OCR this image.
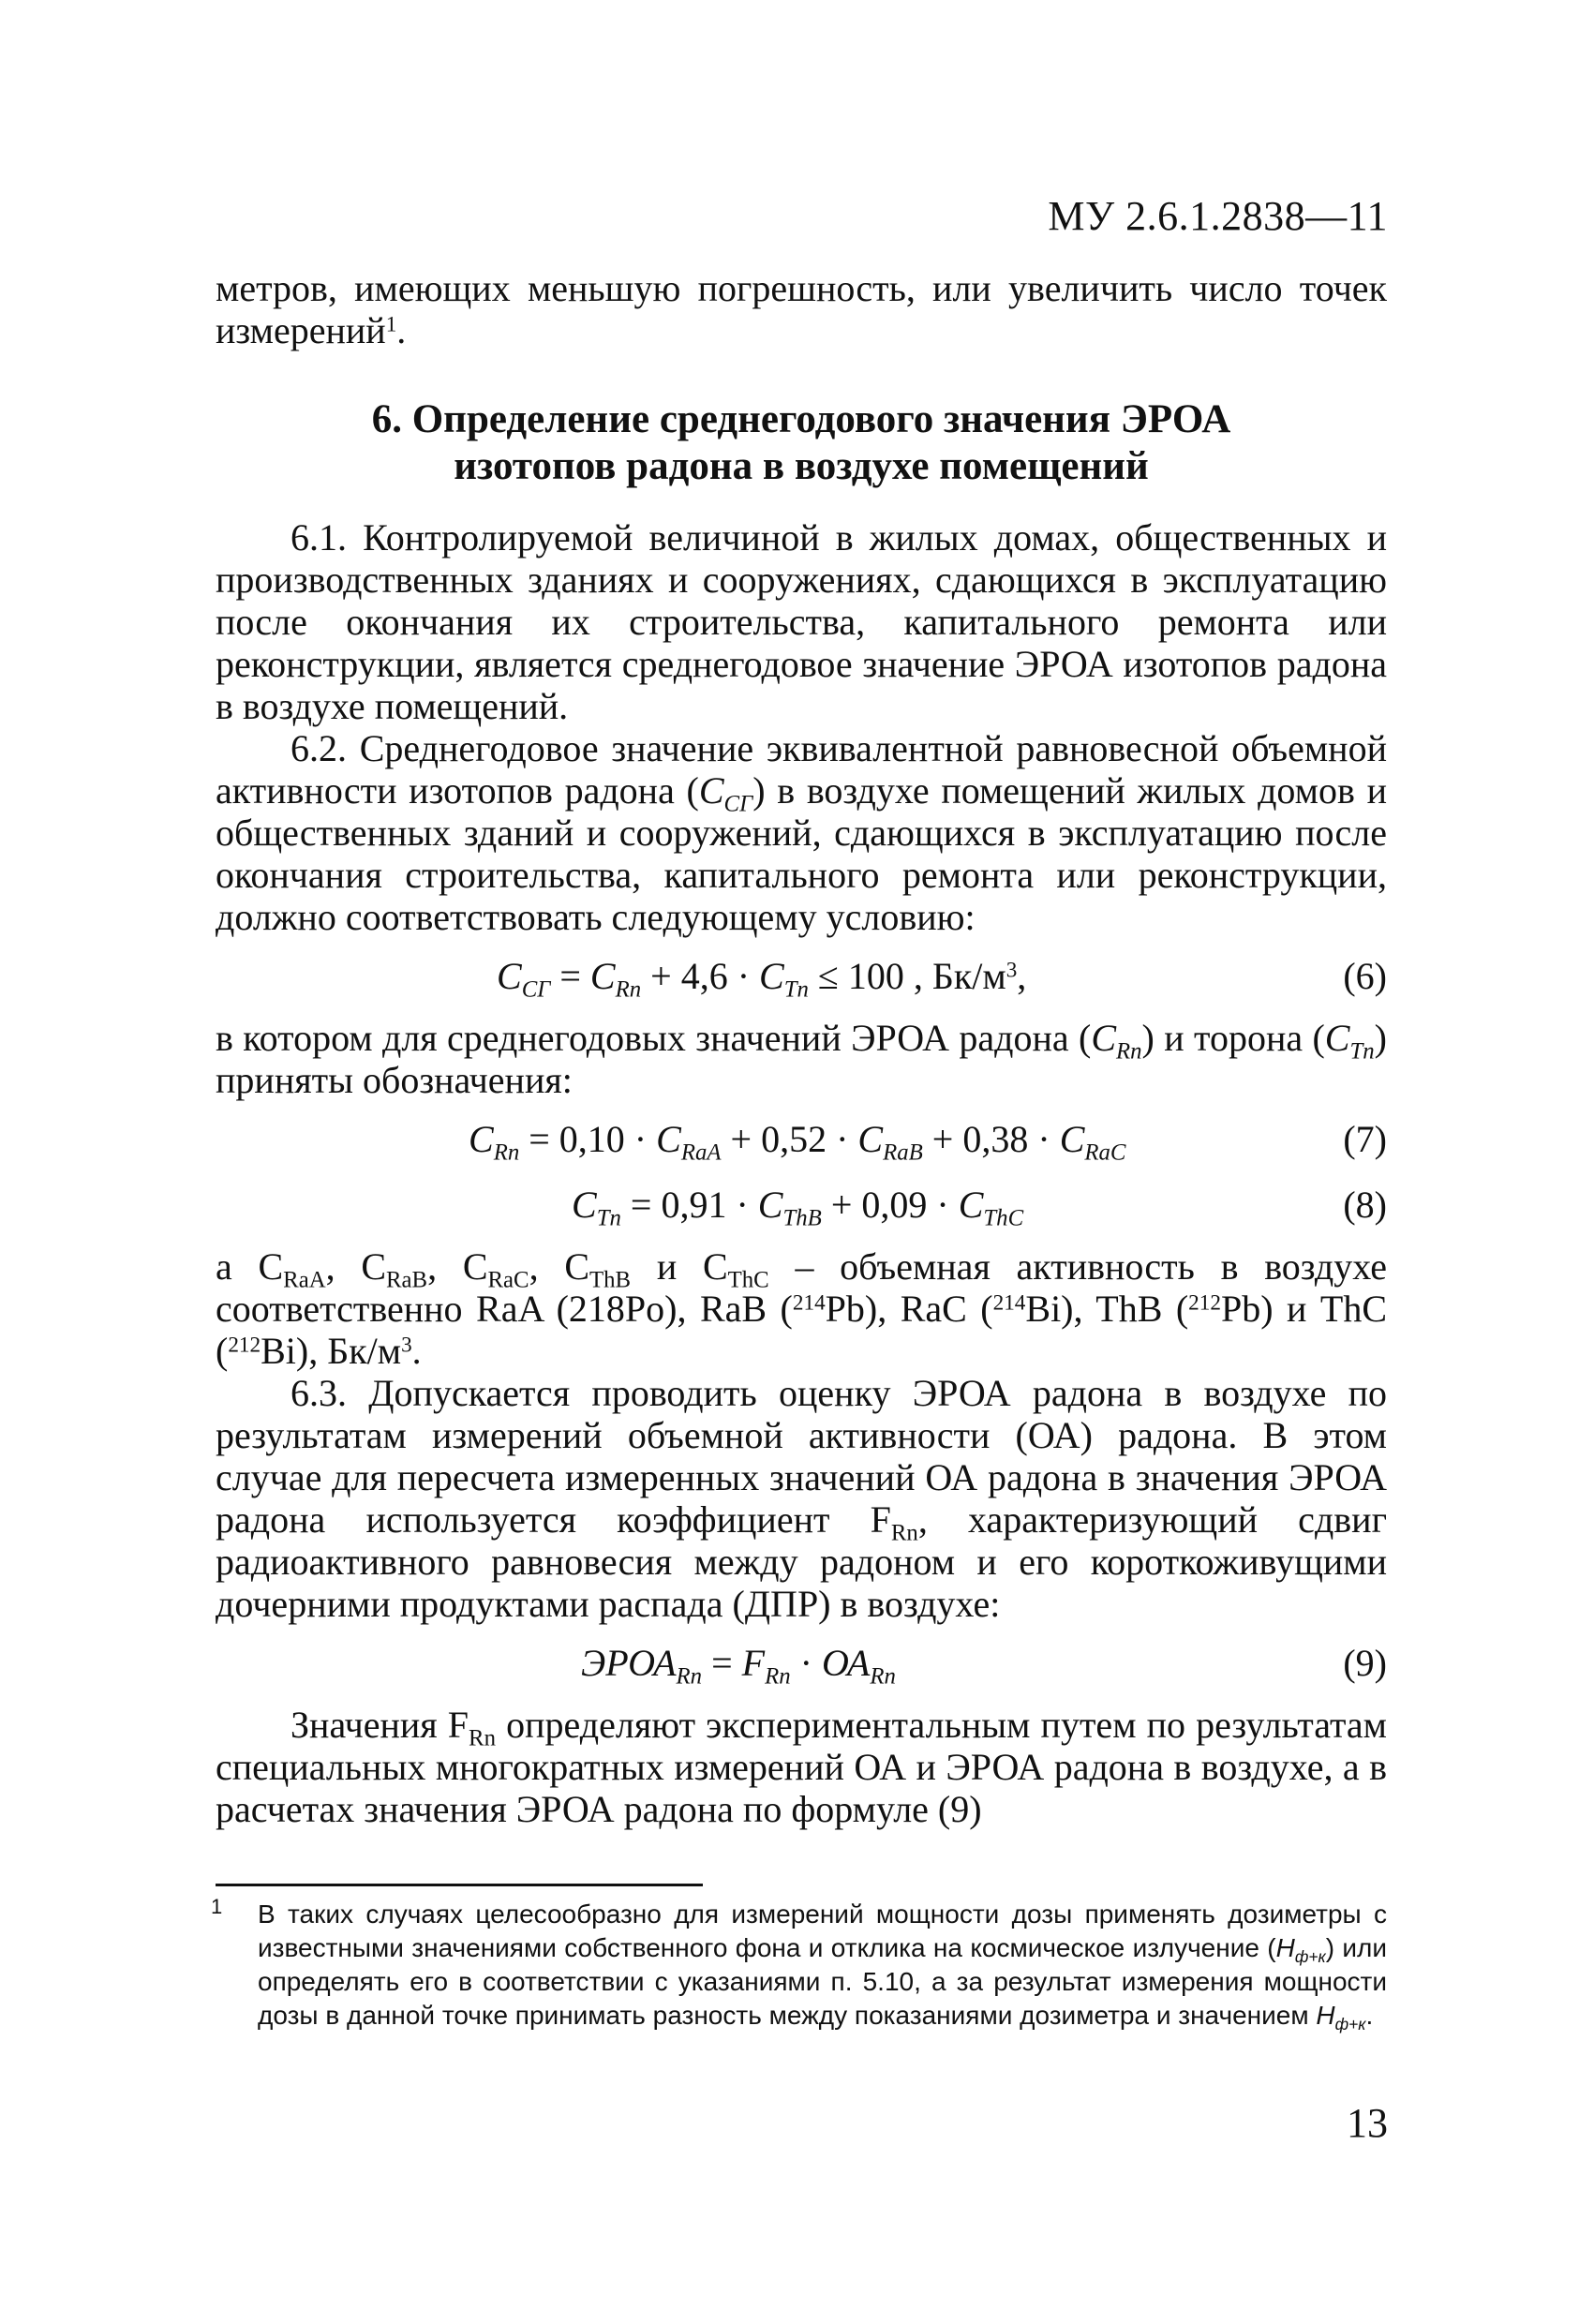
МУ 2.6.1.2838—11

метров, имеющих меньшую погрешность, или увеличить число точек измерений$^1$.

6. Определение среднегодового значения ЭРОА
изотопов радона в воздухе помещений

6.1. Контролируемой величиной в жилых домах, общественных и производственных зданиях и сооружениях, сдающихся в эксплуатацию после окончания их строительства, капитального ремонта или реконструкции, является среднегодовое значение ЭРОА изотопов радона в воздухе помещений.

6.2. Среднегодовое значение эквивалентной равновесной объемной активности изотопов радона $(C_{СГ})$ в воздухе помещений жилых домов и общественных зданий и сооружений, сдающихся в эксплуатацию после окончания строительства, капитального ремонта или реконструкции, должно соответствовать следующему условию:

$C_{СГ} = C_{Rn} + 4,6 \cdot C_{Tn} \le 100$ , $Бк/м^3$,	(6)

в котором для среднегодовых значений ЭРОА радона $(C_{Rn})$ и торона $(C_{Tn})$ приняты обозначения:

$C_{Rn} = 0,10 \cdot C_{RaA} + 0,52 \cdot C_{RaB} + 0,38 \cdot C_{RaC}$	(7)
$C_{Tn} = 0,91 \cdot C_{ThB} + 0,09 \cdot C_{ThC}$	(8)

а $C_{RaA}$, $C_{RaB}$, $C_{RaC}$, $C_{ThB}$ и $C_{ThC}$ – объемная активность в воздухе соответственно RaA (218Po), RaB ($^{214}$Pb), RaC ($^{214}$Bi), ThB ($^{212}$Pb) и ThC ($^{212}$Bi), $Бк/м^3$.

6.3. Допускается проводить оценку ЭРОА радона в воздухе по результатам измерений объемной активности (ОА) радона. В этом случае для пересчета измеренных значений ОА радона в значения ЭРОА радона используется коэффициент $F_{Rn}$, характеризующий сдвиг радиоактивного равновесия между радоном и его короткоживущими дочерними продуктами распада (ДПР) в воздухе:

$ЭРОА_{Rn} = F_{Rn} \cdot ОА_{Rn}$	(9)

Значения $F_{Rn}$ определяют экспериментальным путем по результатам специальных многократных измерений ОА и ЭРОА радона в воздухе, а в расчетах значения ЭРОА радона по формуле (9)

1	В таких случаях целесообразно для измерений мощности дозы применять дозиметры с известными значениями собственного фона и отклика на космическое излучение $(H_{ф+к})$ или определять его в соответствии с указаниями п. 5.10, а за результат измерения мощности дозы в данной точке принимать разность между показаниями дозиметра и значением $H_{ф+к}$.
13
